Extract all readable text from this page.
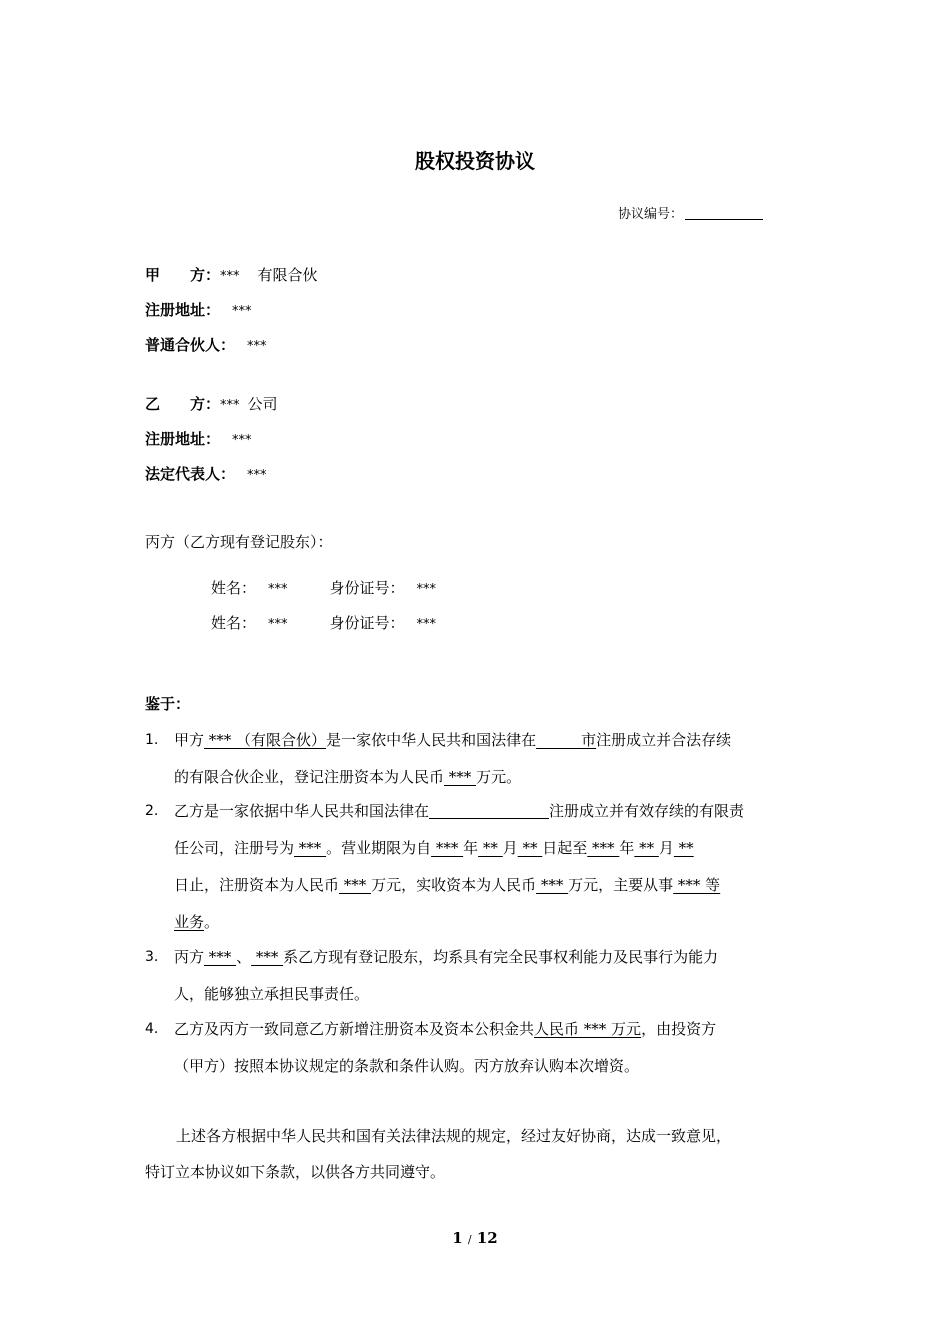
股权投资协议
协议编号：
甲　　方：*** 有限合伙
注册地址： ***
普通合伙人： ***
乙　　方：*** 公司
注册地址： ***
法定代表人： ***
丙方（乙方现有登记股东）：
姓名： ***	身份证号： ***
姓名： ***	身份证号： ***
鉴于：
1. 甲方 *** （有限合伙）是一家依中华人民共和国法律在　　　市注册成立并合法存续
的有限合伙企业，登记注册资本为人民币 *** 万元。
2. 乙方是一家依据中华人民共和国法律在	注册成立并有效存续的有限责
任公司，注册号为 *** 。营业期限为自 *** 年 ** 月 ** 日起至 *** 年 ** 月 **
日止，注册资本为人民币 *** 万元，实收资本为人民币 *** 万元，主要从事 *** 等
业务。
3. 丙方 *** 、 *** 系乙方现有登记股东，均系具有完全民事权利能力及民事行为能力
人，能够独立承担民事责任。
4. 乙方及丙方一致同意乙方新增注册资本及资本公积金共人民币 *** 万元，由投资方
（甲方）按照本协议规定的条款和条件认购。丙方放弃认购本次增资。
上述各方根据中华人民共和国有关法律法规的规定，经过友好协商，达成一致意见，
特订立本协议如下条款，以供各方共同遵守。
1 / 12
